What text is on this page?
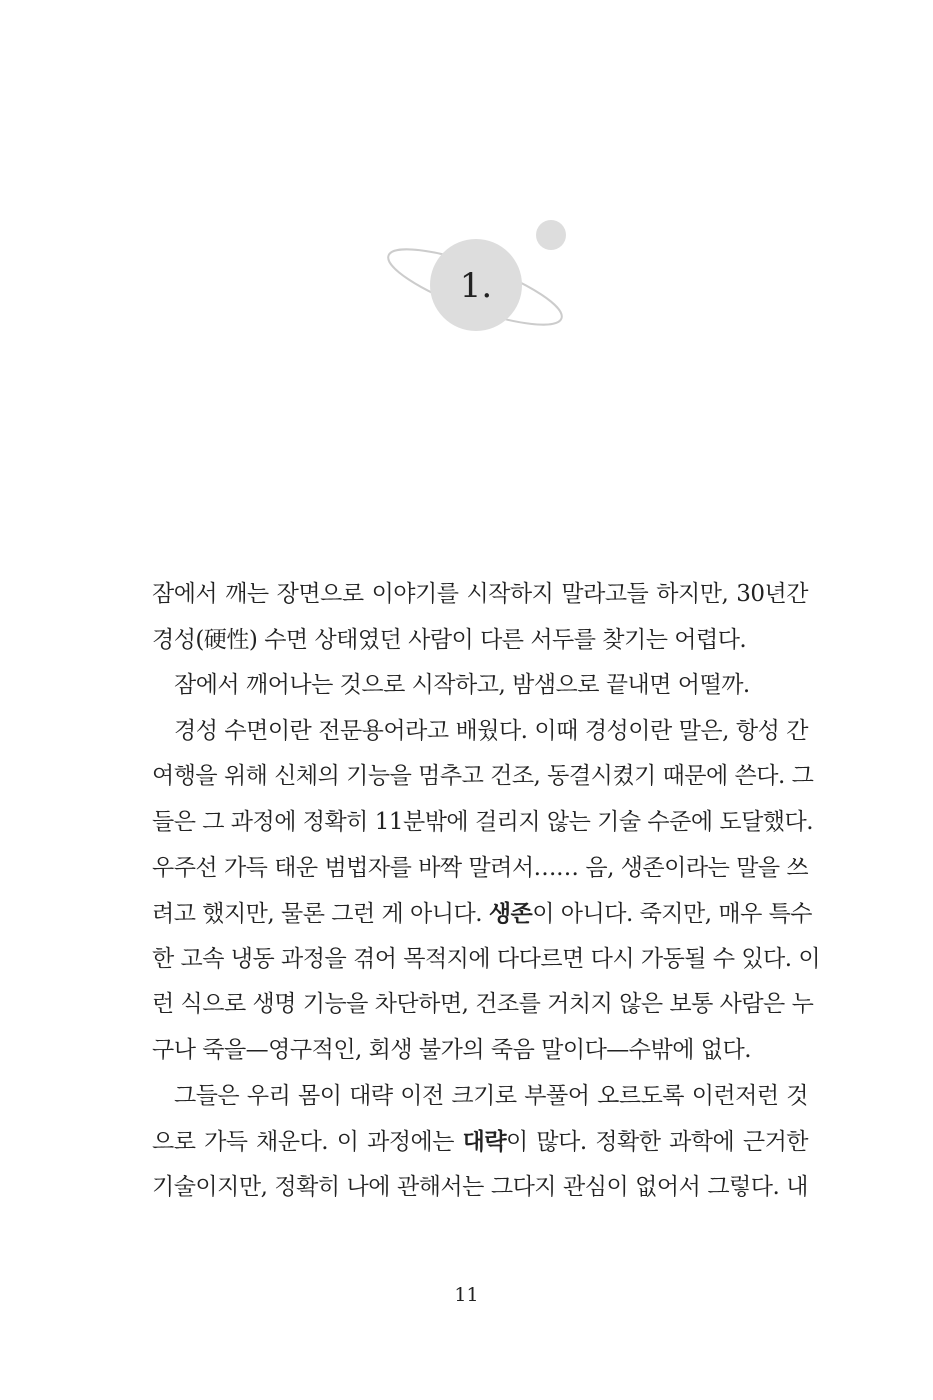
1.
잠에서 깨는 장면으로 이야기를 시작하지 말라고들 하지만, 30년간
경성(硬性) 수면 상태였던 사람이 다른 서두를 찾기는 어렵다.
잠에서 깨어나는 것으로 시작하고, 밤샘으로 끝내면 어떨까.
경성 수면이란 전문용어라고 배웠다. 이때 경성이란 말은, 항성 간
여행을 위해 신체의 기능을 멈추고 건조, 동결시켰기 때문에 쓴다. 그
들은 그 과정에 정확히 11분밖에 걸리지 않는 기술 수준에 도달했다.
우주선 가득 태운 범법자를 바짝 말려서…… 음, 생존이라는 말을 쓰
려고 했지만, 물론 그런 게 아니다. 생존이 아니다. 죽지만, 매우 특수
한 고속 냉동 과정을 겪어 목적지에 다다르면 다시 가동될 수 있다. 이
런 식으로 생명 기능을 차단하면, 건조를 거치지 않은 보통 사람은 누
구나 죽을—영구적인, 회생 불가의 죽음 말이다—수밖에 없다.
그들은 우리 몸이 대략 이전 크기로 부풀어 오르도록 이런저런 것
으로 가득 채운다. 이 과정에는 대략이 많다. 정확한 과학에 근거한
기술이지만, 정확히 나에 관해서는 그다지 관심이 없어서 그렇다. 내
11
